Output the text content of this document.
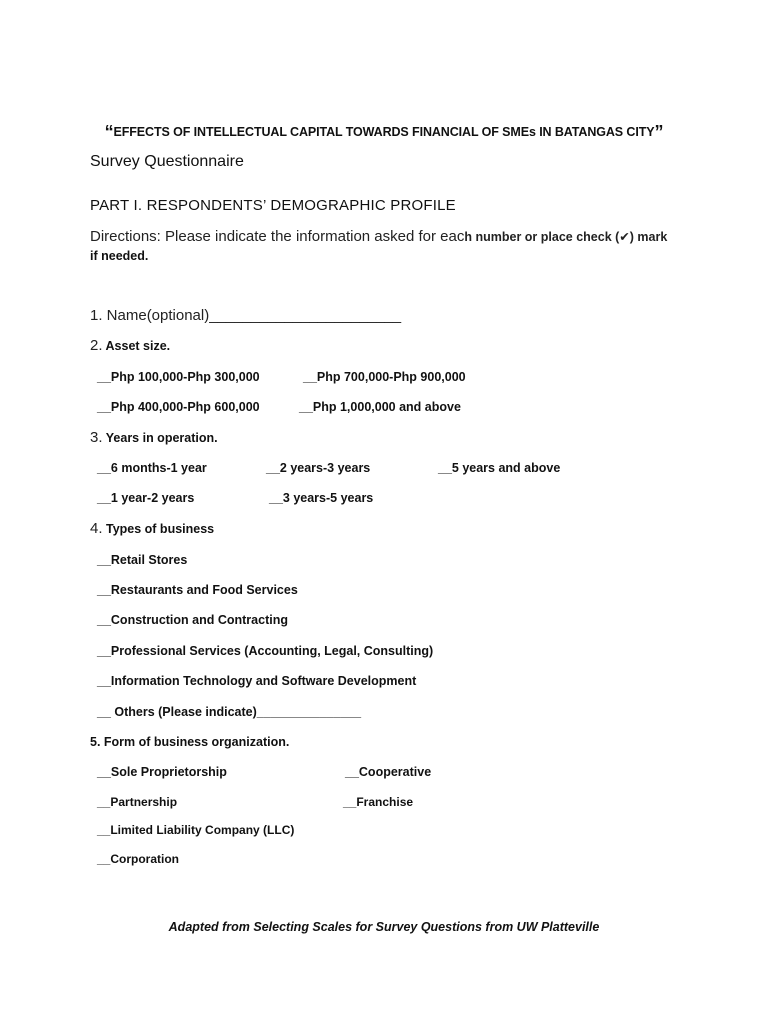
“EFFECTS OF INTELLECTUAL CAPITAL TOWARDS FINANCIAL OF SMEs IN BATANGAS CITY”
Survey Questionnaire
PART I. RESPONDENTS’ DEMOGRAPHIC PROFILE
Directions: Please indicate the information asked for each number or place check (✔) mark
if needed.
1. Name(optional)_______________________
2. Asset size.
__Php 100,000-Php 300,000	__Php 700,000-Php 900,000
__Php 400,000-Php 600,000	__Php 1,000,000 and above
3. Years in operation.
__6 months-1 year	__2 years-3 years	__5 years and above
__1 year-2 years	__3 years-5 years
4. Types of business
__Retail Stores
__Restaurants and Food Services
__Construction and Contracting
__Professional Services (Accounting, Legal, Consulting)
__Information Technology and Software Development
__ Others (Please indicate)_______________
5. Form of business organization.
__Sole Proprietorship	__Cooperative
__Partnership	__Franchise
__Limited Liability Company (LLC)
__Corporation
Adapted from Selecting Scales for Survey Questions from UW Platteville
